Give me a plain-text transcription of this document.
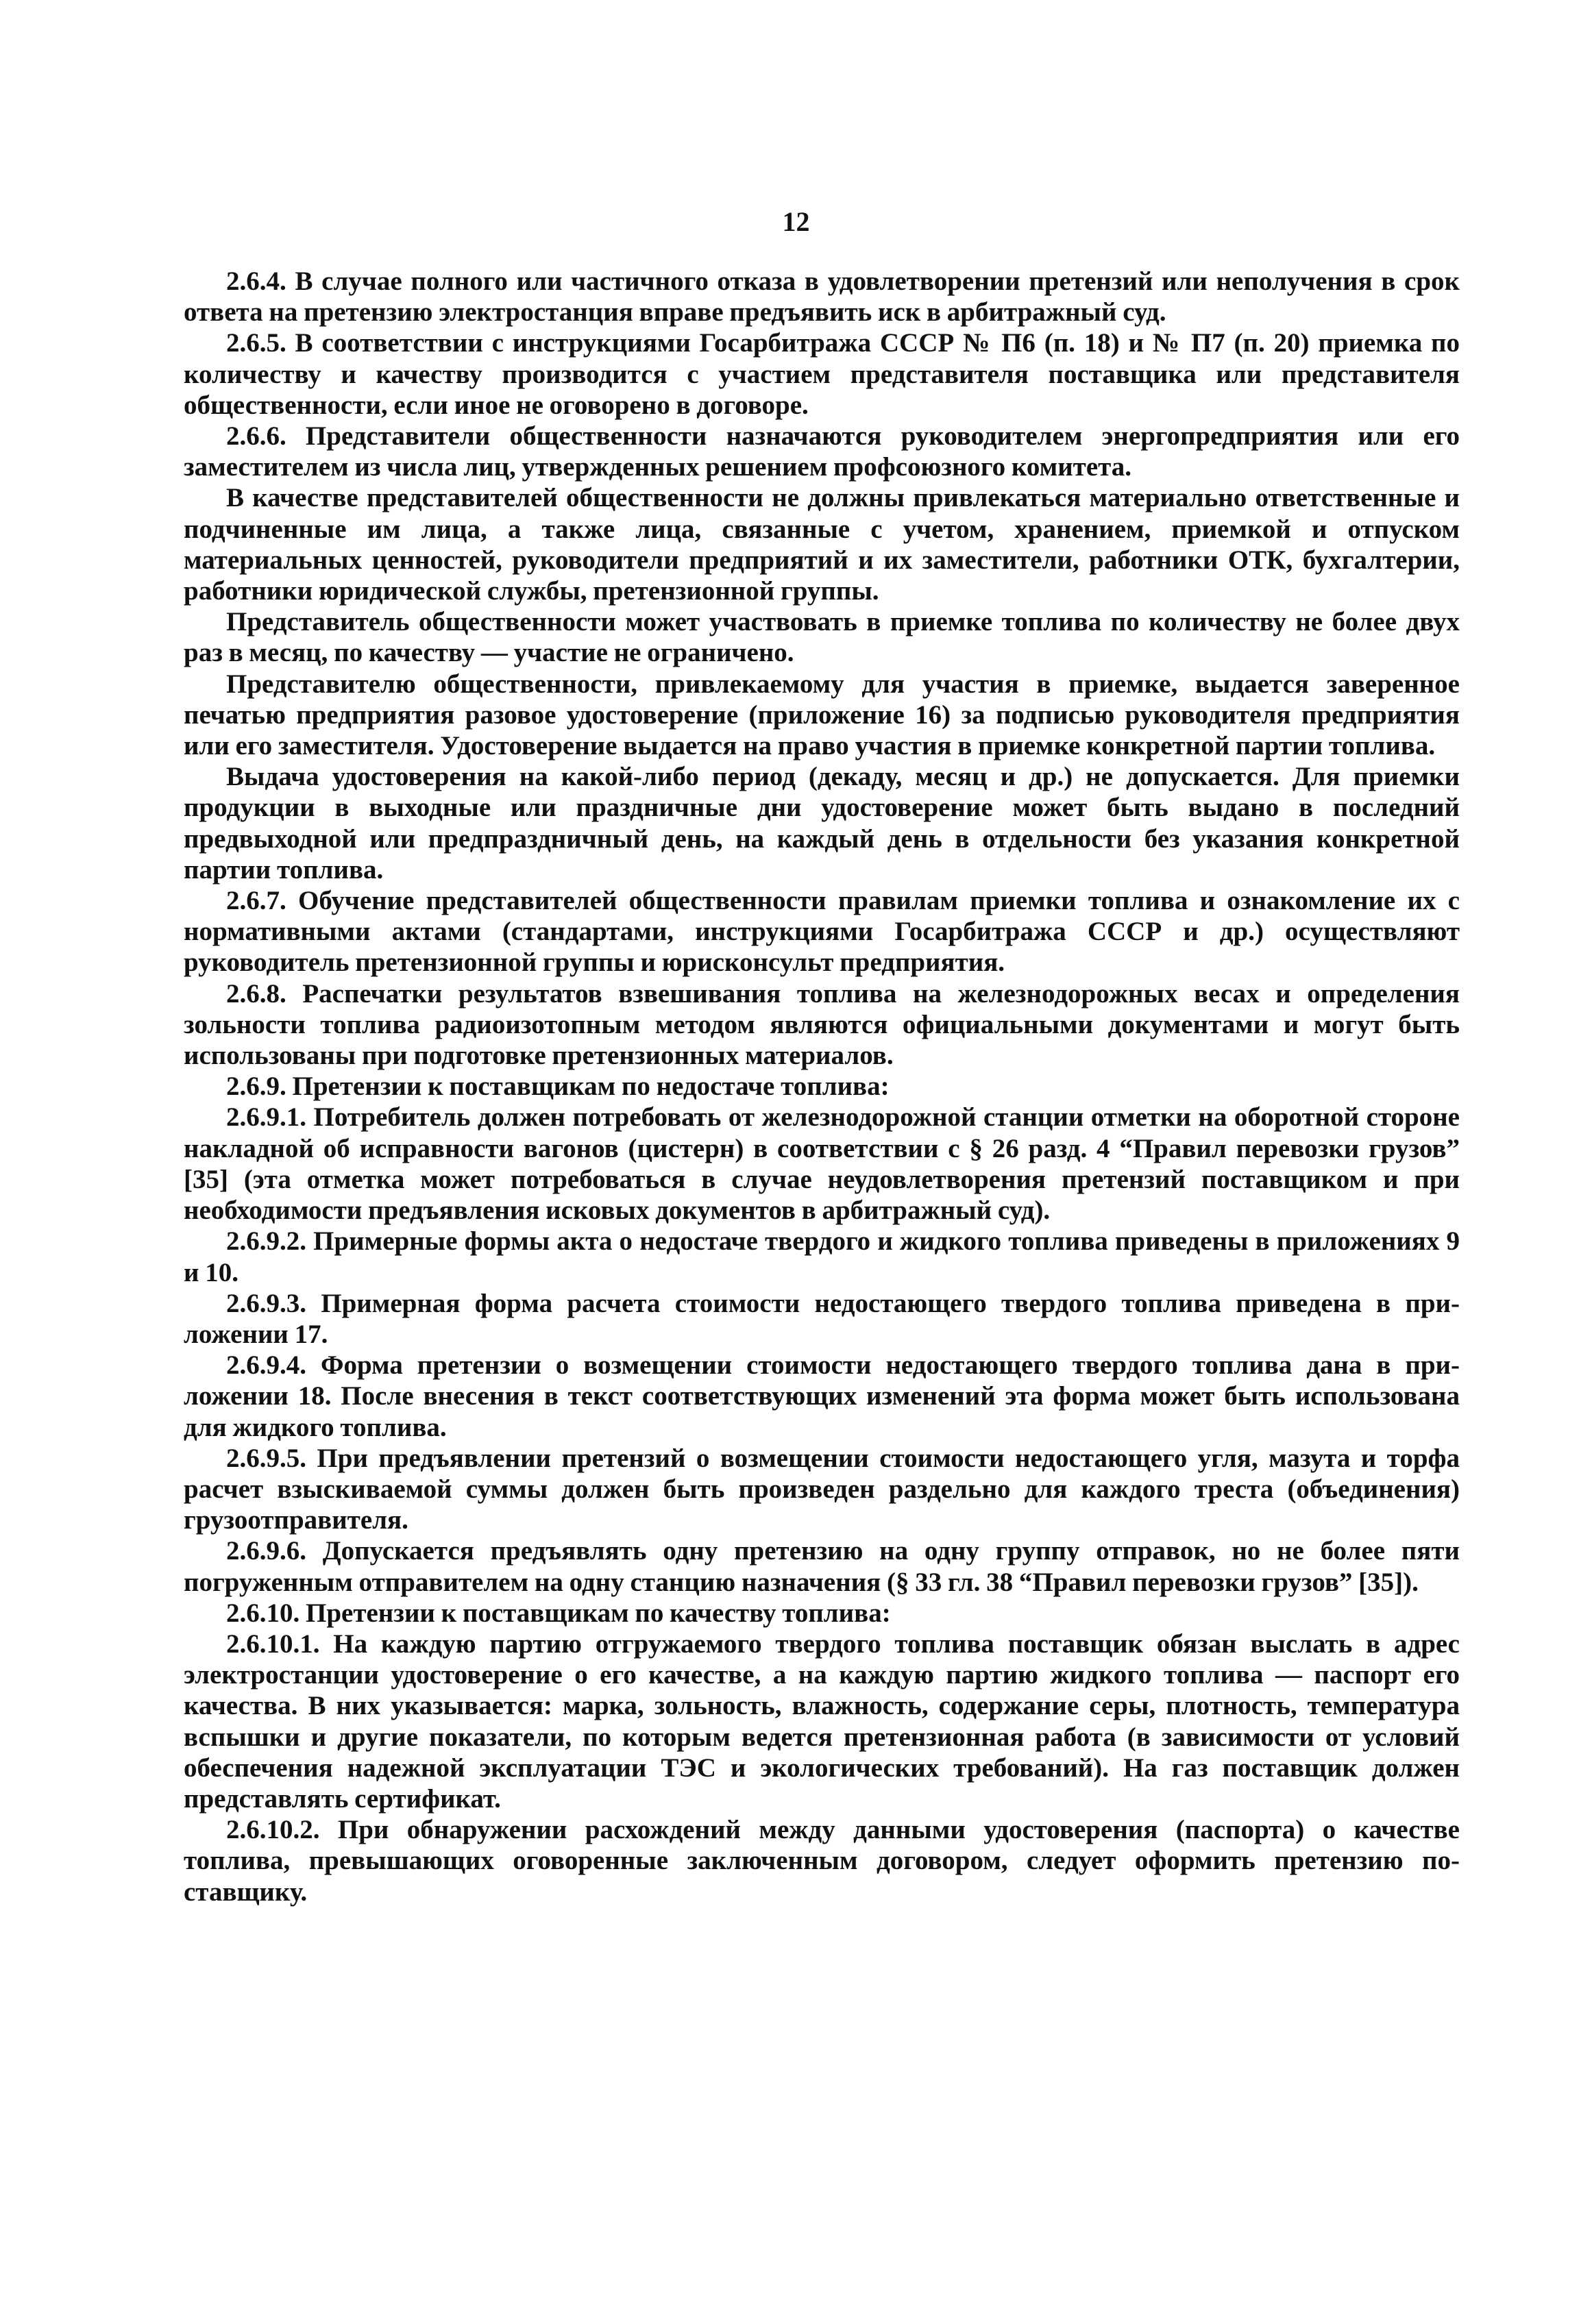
12

2.6.4. В случае полного или частичного отказа в удовлетворении претензий или неполучения в срок ответа на претензию электростанция вправе предъявить иск в арбитражный суд.

2.6.5. В соответствии с инструкциями Госарбитража СССР № П6 (п. 18) и № П7 (п. 20) приемка по количеству и качеству производится с участием представителя поставщика или представителя общественности, если иное не оговорено в договоре.

2.6.6. Представители общественности назначаются руководителем энергопредприятия или его заместителем из числа лиц, утвержденных решением профсоюзного комитета.

В качестве представителей общественности не должны привлекаться материально ответственные и подчиненные им лица, а также лица, связанные с учетом, хранением, приемкой и отпуском материальных ценностей, руководители предприятий и их заместители, работники ОТК, бухгалтерии, работники юридической службы, претензионной группы.

Представитель общественности может участвовать в приемке топлива по количеству не более двух раз в месяц, по качеству — участие не ограничено.

Представителю общественности, привлекаемому для участия в приемке, выдается заверенное печатью предприятия разовое удостоверение (приложение 16) за подписью руководителя предприятия или его заместителя. Удостоверение выдается на право участия в приемке конкретной партии топлива.

Выдача удостоверения на какой-либо период (декаду, месяц и др.) не допускается. Для приемки продукции в выходные или праздничные дни удостоверение может быть выдано в последний предвыходной или предпраздничный день, на каждый день в отдельности без указания конкретной партии топлива.

2.6.7. Обучение представителей общественности правилам приемки топлива и ознакомление их с нормативными актами (стандартами, инструкциями Госарбитража СССР и др.) осуществляют руководитель претензионной группы и юрисконсульт предприятия.

2.6.8. Распечатки результатов взвешивания топлива на железнодорожных весах и определения зольности топлива радиоизотопным методом являются официальными документами и могут быть использованы при подготовке претензионных материалов.

2.6.9. Претензии к поставщикам по недостаче топлива:

2.6.9.1. Потребитель должен потребовать от железнодорожной станции отметки на оборотной стороне накладной об исправности вагонов (цистерн) в соответствии с § 26 разд. 4 “Правил перевозки грузов” [35] (эта отметка может потребоваться в случае неудовлетворения претензий поставщиком и при необходимости предъявления исковых документов в арбитражный суд).

2.6.9.2. Примерные формы акта о недостаче твердого и жидкого топлива приведены в приложениях 9 и 10.

2.6.9.3. Примерная форма расчета стоимости недостающего твердого топлива приведена в приложении 17.

2.6.9.4. Форма претензии о возмещении стоимости недостающего твердого топлива дана в приложении 18. После внесения в текст соответствующих изменений эта форма может быть использована для жидкого топлива.

2.6.9.5. При предъявлении претензий о возмещении стоимости недостающего угля, мазута и торфа расчет взыскиваемой суммы должен быть произведен раздельно для каждого треста (объединения) грузоотправителя.

2.6.9.6. Допускается предъявлять одну претензию на одну группу отправок, но не более пяти погруженным отправителем на одну станцию назначения (§ 33 гл. 38 “Правил перевозки грузов” [35]).

2.6.10. Претензии к поставщикам по качеству топлива:

2.6.10.1. На каждую партию отгружаемого твердого топлива поставщик обязан выслать в адрес электростанции удостоверение о его качестве, а на каждую партию жидкого топлива — паспорт его качества. В них указывается: марка, зольность, влажность, содержание серы, плотность, температура вспышки и другие показатели, по которым ведется претензионная работа (в зависимости от условий обеспечения надежной эксплуатации ТЭС и экологических требований). На газ поставщик должен представлять сертификат.

2.6.10.2. При обнаружении расхождений между данными удостоверения (паспорта) о качестве топлива, превышающих оговоренные заключенным договором, следует оформить претензию поставщику.
